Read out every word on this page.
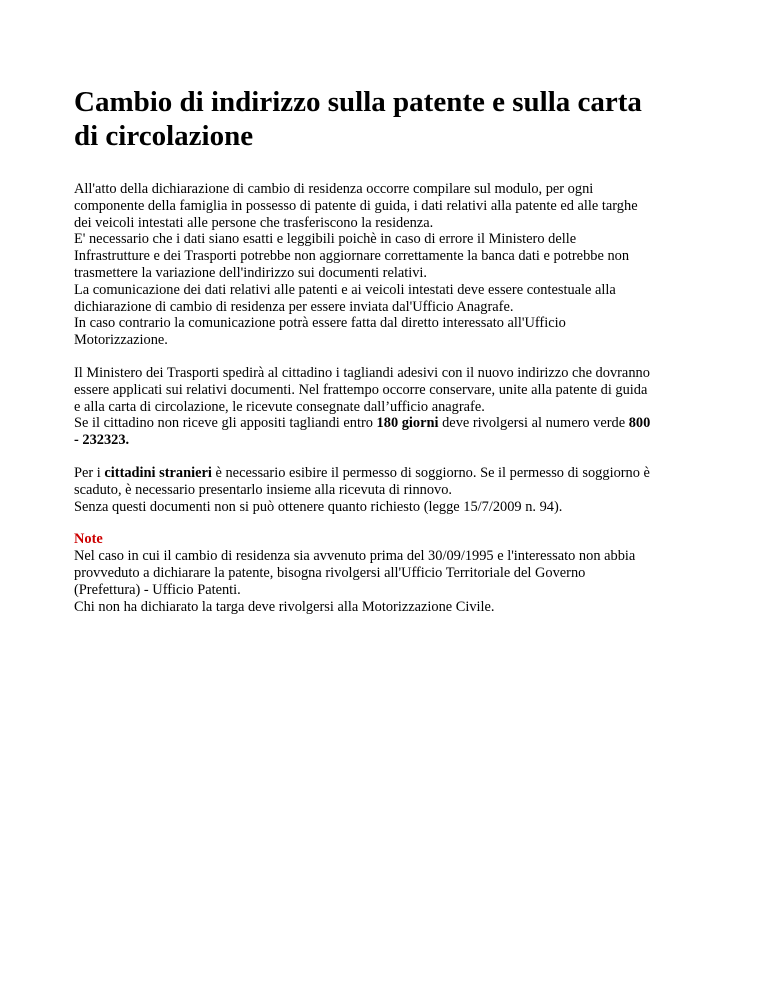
Cambio di indirizzo sulla patente e sulla carta
di circolazione

All'atto della dichiarazione di cambio di residenza occorre compilare sul modulo, per ogni
componente della famiglia in possesso di patente di guida, i dati relativi alla patente ed alle targhe
dei veicoli intestati alle persone che trasferiscono la residenza.
E' necessario che i dati siano esatti e leggibili poichè in caso di errore il Ministero delle
Infrastrutture e dei Trasporti potrebbe non aggiornare correttamente la banca dati e potrebbe non
trasmettere la variazione dell'indirizzo sui documenti relativi.
La comunicazione dei dati relativi alle patenti e ai veicoli intestati deve essere contestuale alla
dichiarazione di cambio di residenza per essere inviata dal'Ufficio Anagrafe.
In caso contrario la comunicazione potrà essere fatta dal diretto interessato all'Ufficio
Motorizzazione.

Il Ministero dei Trasporti spedirà al cittadino i tagliandi adesivi con il nuovo indirizzo che dovranno
essere applicati sui relativi documenti. Nel frattempo occorre conservare, unite alla patente di guida
e alla carta di circolazione, le ricevute consegnate dall’ufficio anagrafe.
Se il cittadino non riceve gli appositi tagliandi entro 180 giorni deve rivolgersi al numero verde 800
- 232323.

Per i cittadini stranieri è necessario esibire il permesso di soggiorno. Se il permesso di soggiorno è
scaduto, è necessario presentarlo insieme alla ricevuta di rinnovo.
Senza questi documenti non si può ottenere quanto richiesto (legge 15/7/2009 n. 94).

Note
Nel caso in cui il cambio di residenza sia avvenuto prima del 30/09/1995 e l'interessato non abbia
provveduto a dichiarare la patente, bisogna rivolgersi all'Ufficio Territoriale del Governo
(Prefettura) - Ufficio Patenti.
Chi non ha dichiarato la targa deve rivolgersi alla Motorizzazione Civile.
